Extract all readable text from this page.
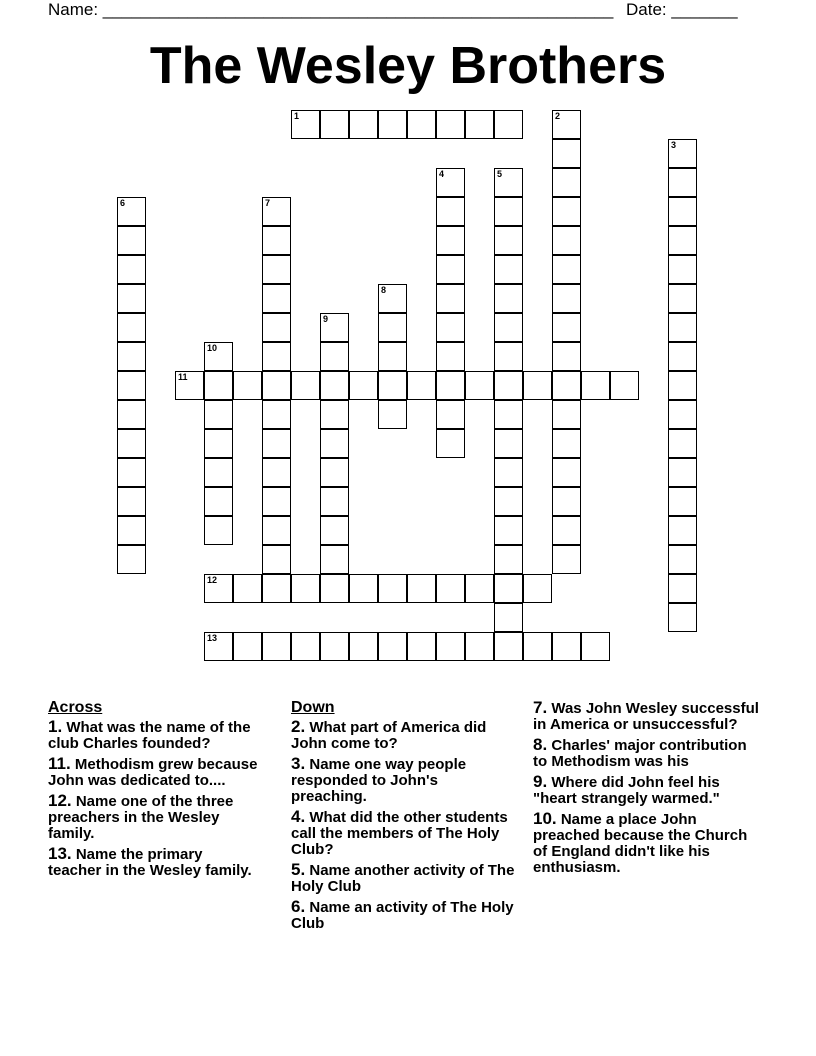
Name: ______________________________________________________ Date: _______
The Wesley Brothers
1	2
3
4	5
6	7
8
9
10
11
12
13
Across
1. What was the name of the club Charles founded?
11. Methodism grew because John was dedicated to....
12. Name one of the three preachers in the Wesley family.
13. Name the primary teacher in the Wesley family.
Down
2. What part of America did John come to?
3. Name one way people responded to John's preaching.
4. What did the other students call the members of The Holy Club?
5. Name another activity of The Holy Club
6. Name an activity of The Holy Club
7. Was John Wesley successful in America or unsuccessful?
8. Charles' major contribution to Methodism was his
9. Where did John feel his "heart strangely warmed."
10. Name a place John preached because the Church of England didn't like his enthusiasm.
